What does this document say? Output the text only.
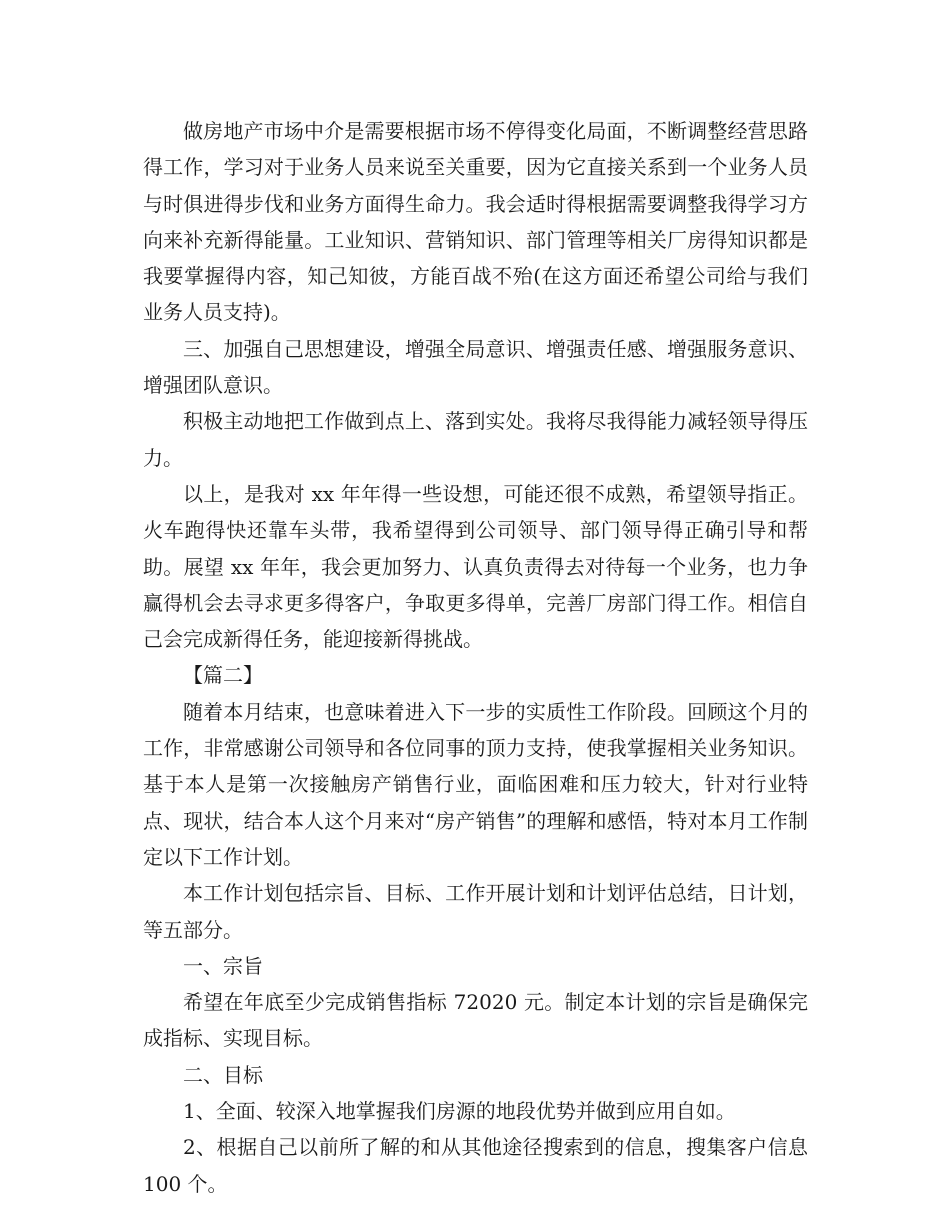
做房地产市场中介是需要根据市场不停得变化局面，不断调整经营思路得工作，学习对于业务人员来说至关重要，因为它直接关系到一个业务人员与时俱进得步伐和业务方面得生命力。我会适时得根据需要调整我得学习方向来补充新得能量。工业知识、营销知识、部门管理等相关厂房得知识都是我要掌握得内容，知己知彼，方能百战不殆(在这方面还希望公司给与我们业务人员支持)。

三、加强自己思想建设，增强全局意识、增强责任感、增强服务意识、增强团队意识。

积极主动地把工作做到点上、落到实处。我将尽我得能力减轻领导得压力。

以上，是我对 xx 年年得一些设想，可能还很不成熟，希望领导指正。火车跑得快还靠车头带，我希望得到公司领导、部门领导得正确引导和帮助。展望 xx 年年，我会更加努力、认真负责得去对待每一个业务，也力争赢得机会去寻求更多得客户，争取更多得单，完善厂房部门得工作。相信自己会完成新得任务，能迎接新得挑战。

【篇二】

随着本月结束，也意味着进入下一步的实质性工作阶段。回顾这个月的工作，非常感谢公司领导和各位同事的顶力支持，使我掌握相关业务知识。基于本人是第一次接触房产销售行业，面临困难和压力较大，针对行业特点、现状，结合本人这个月来对“房产销售”的理解和感悟，特对本月工作制定以下工作计划。

本工作计划包括宗旨、目标、工作开展计划和计划评估总结，日计划，等五部分。

一、宗旨

希望在年底至少完成销售指标 72020 元。制定本计划的宗旨是确保完成指标、实现目标。

二、目标

1、全面、较深入地掌握我们房源的地段优势并做到应用自如。

2、根据自己以前所了解的和从其他途径搜索到的信息，搜集客户信息 100 个。
